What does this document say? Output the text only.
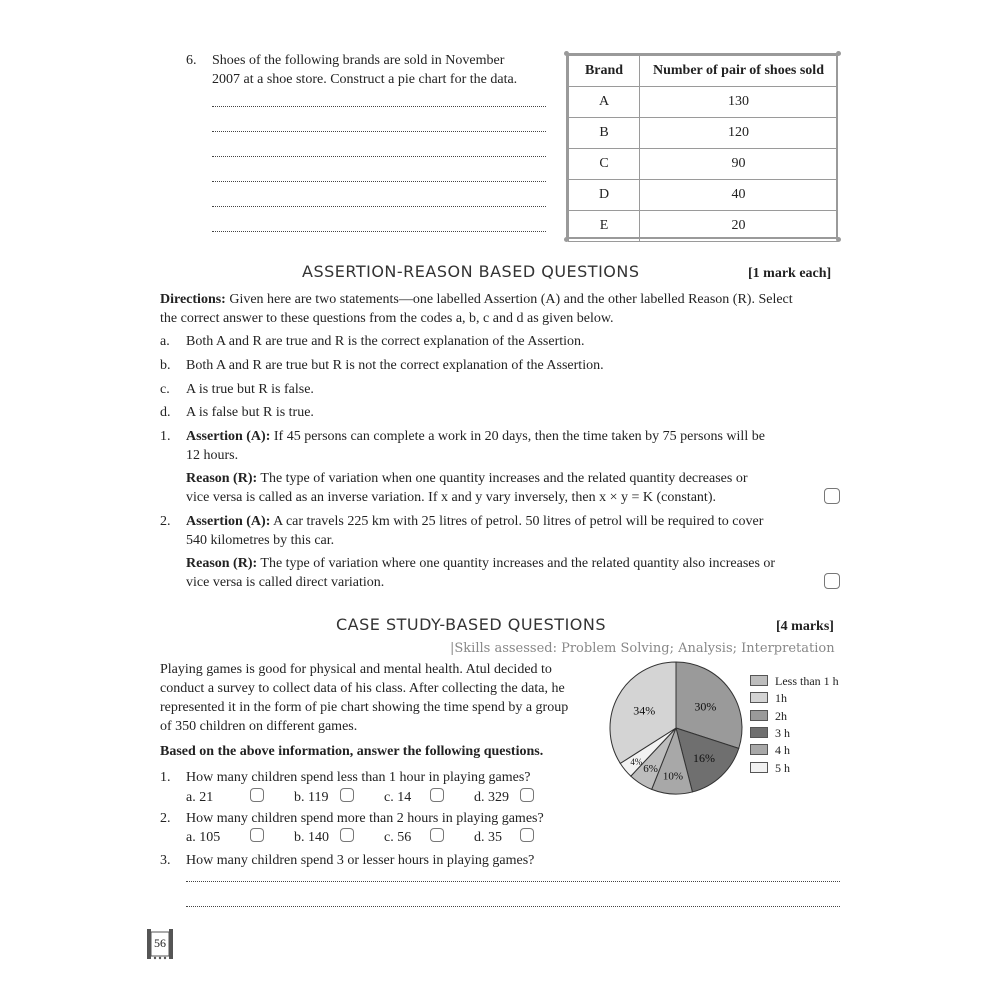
6. Shoes of the following brands are sold in November
2007 at a shoe store. Construct a pie chart for the data.
Brand	Number of pair of shoes sold
A	130
B	120
C	90
D	40
E	20
ASSERTION-REASON BASED QUESTIONS	[1 mark each]
Directions: Given here are two statements—one labelled Assertion (A) and the other labelled Reason (R). Select
the correct answer to these questions from the codes a, b, c and d as given below.
a. Both A and R are true and R is the correct explanation of the Assertion.
b. Both A and R are true but R is not the correct explanation of the Assertion.
c. A is true but R is false.
d. A is false but R is true.
1. Assertion (A): If 45 persons can complete a work in 20 days, then the time taken by 75 persons will be
12 hours.
Reason (R): The type of variation when one quantity increases and the related quantity decreases or
vice versa is called as an inverse variation. If x and y vary inversely, then x × y = K (constant).
2. Assertion (A): A car travels 225 km with 25 litres of petrol. 50 litres of petrol will be required to cover
540 kilometres by this car.
Reason (R): The type of variation where one quantity increases and the related quantity also increases or
vice versa is called direct variation.
CASE STUDY-BASED QUESTIONS	[4 marks]
|Skills assessed: Problem Solving; Analysis; Interpretation
Playing games is good for physical and mental health. Atul decided to
conduct a survey to collect data of his class. After collecting the data, he
represented it in the form of pie chart showing the time spend by a group
of 350 children on different games.
Based on the above information, answer the following questions.
1. How many children spend less than 1 hour in playing games?
a. 21	b. 119	c. 14	d. 329
2. How many children spend more than 2 hours in playing games?
a. 105	b. 140	c. 56	d. 35
3. How many children spend 3 or lesser hours in playing games?
30%
16%
10%
6%
4%
34%
Less than 1 h
1h
2h
3 h
4 h
5 h
56
